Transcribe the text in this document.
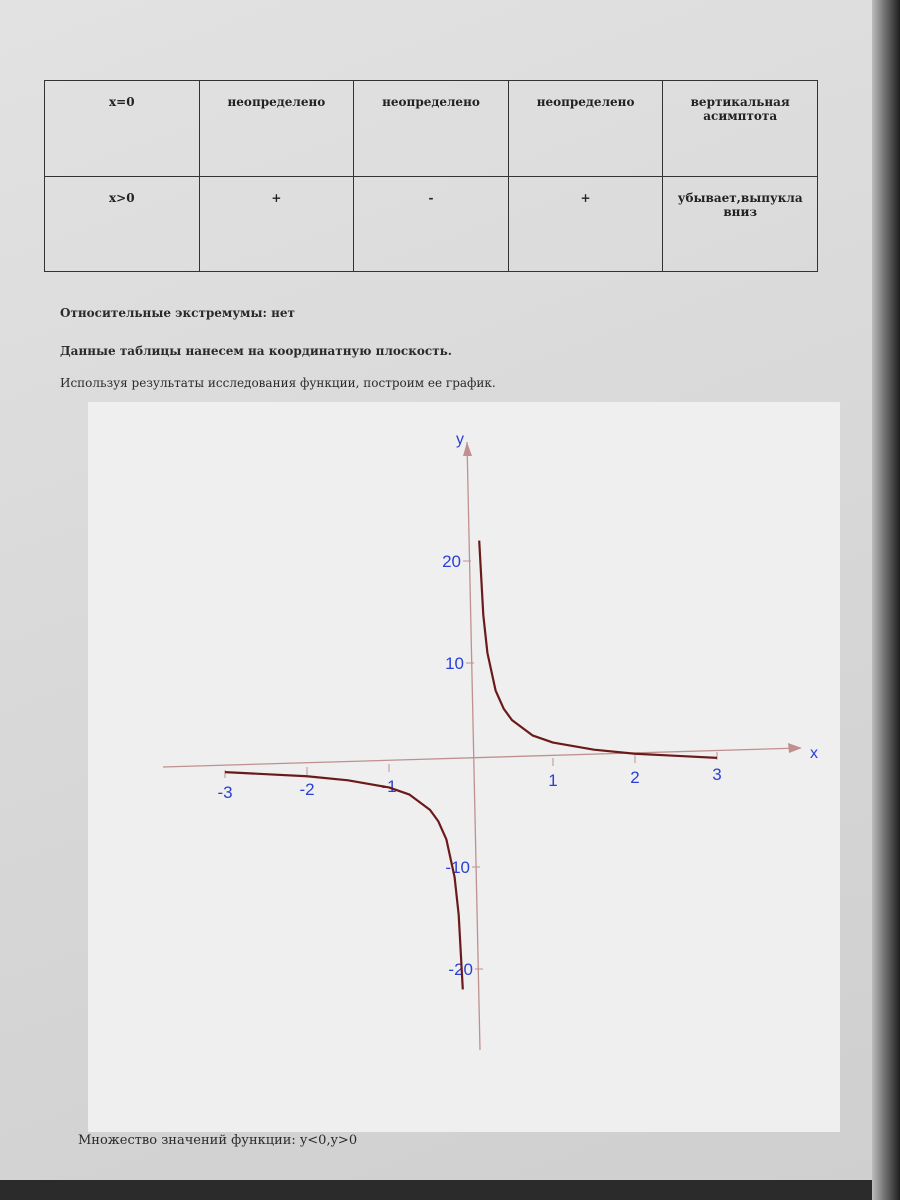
x=0	неопределено	неопределено	неопределено	вертикальная асимптота
x>0	+	-	+	убывает,выпукла вниз
Относительные экстремумы: нет
Данные таблицы нанесем на координатную плоскость.
Используя результаты исследования функции, построим ее график.
x
y
-3	-2	-1	1	2	3
-20
-10
10
20
Множество значений функции: y<0,y>0
